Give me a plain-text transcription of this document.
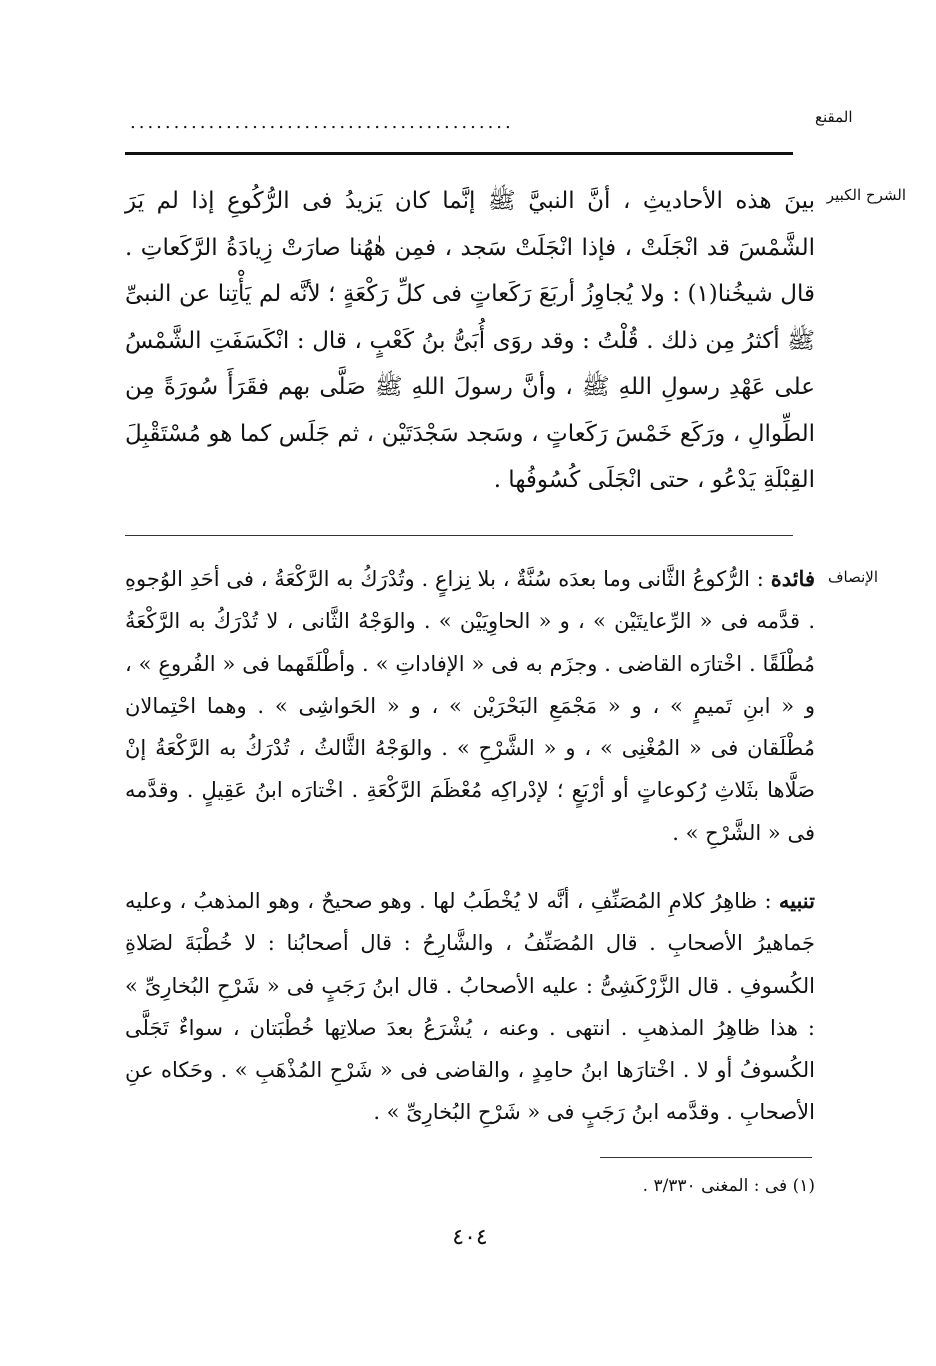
المقنع
............................................
الشرح الكبير

بينَ هذه الأحاديثِ ، أنَّ النبيَّ ﷺ إنَّما كان يَزيدُ فى الرُّكُوعِ إذا لم يَرَ الشَّمْسَ قد انْجَلَتْ ، فإذا انْجَلَتْ سَجد ، فمِن هٰهُنا صارَتْ زِيادَةُ الرَّكَعاتِ . قال شيخُنا(١) : ولا يُجاوِزُ أربَعَ رَكَعاتٍ فى كلِّ رَكْعَةٍ ؛ لأنَّه لم يَأْتِنا عن النبىِّ ﷺ أكثرُ مِن ذلك . قُلْتُ : وقد روَى أُبَىُّ بنُ كَعْبٍ ، قال : انْكَسَفَتِ الشَّمْسُ على عَهْدِ رسولِ اللهِ ﷺ ، وأنَّ رسولَ اللهِ ﷺ صَلَّى بهم فقَرَأَ سُورَةً مِن الطِّوالِ ، ورَكَع خَمْسَ رَكَعاتٍ ، وسَجد سَجْدَتَيْن ، ثم جَلَس كما هو مُسْتَقْبِلَ القِبْلَةِ يَدْعُو ، حتى انْجَلَى كُسُوفُها .

الإنصاف

فائدة : الرُّكوعُ الثَّانى وما بعدَه سُنَّةٌ ، بلا نِزاعٍ . وتُدْرَكُ به الرَّكْعَةُ ، فى أحَدِ الوُجوهِ . قدَّمه فى « الرِّعايتَيْن » ، و « الحاوِيَيْن » . والوَجْهُ الثَّانى ، لا تُدْرَكُ به الرَّكْعَةُ مُطْلَقًا . اخْتارَه القاضى . وجزَم به فى « الإفاداتِ » . وأطْلَقَهما فى « الفُروعِ » ، و « ابنِ تَميمٍ » ، و « مَجْمَعِ البَحْرَيْن » ، و « الحَواشِى » . وهما احْتِمالان مُطْلَقان فى « المُغْنِى » ، و « الشَّرْحِ » . والوَجْهُ الثَّالثُ ، تُدْرَكُ به الرَّكْعَةُ إنْ صَلَّاها بثَلاثِ رُكوعاتٍ أو أرْبَعٍ ؛ لإدْراكِه مُعْظَمَ الرَّكْعَةِ . اخْتارَه ابنُ عَقِيلٍ . وقدَّمه فى « الشَّرْحِ » .

تنبيه : ظاهِرُ كلامِ المُصَنِّفِ ، أنَّه لا يُخْطَبُ لها . وهو صحيحٌ ، وهو المذهبُ ، وعليه جَماهيرُ الأصحابِ . قال المُصَنِّفُ ، والشَّارِحُ : قال أصحابُنا : لا خُطْبَةَ لصَلاةِ الكُسوفِ . قال الزَّرْكَشِىُّ : عليه الأصحابُ . قال ابنُ رَجَبٍ فى « شَرْحِ البُخارِىِّ » : هذا ظاهِرُ المذهبِ . انتهى . وعنه ، يُشْرَعُ بعدَ صلاتِها خُطْبَتان ، سواءٌ تَجَلَّى الكُسوفُ أو لا . اخْتارَها ابنُ حامِدٍ ، والقاضى فى « شَرْحِ المُذْهَبِ » . وحَكاه عنِ الأصحابِ . وقدَّمه ابنُ رَجَبٍ فى « شَرْحِ البُخارِىِّ » .

(١) فى : المغنى ٣/٣٣٠ .
٤٠٤
